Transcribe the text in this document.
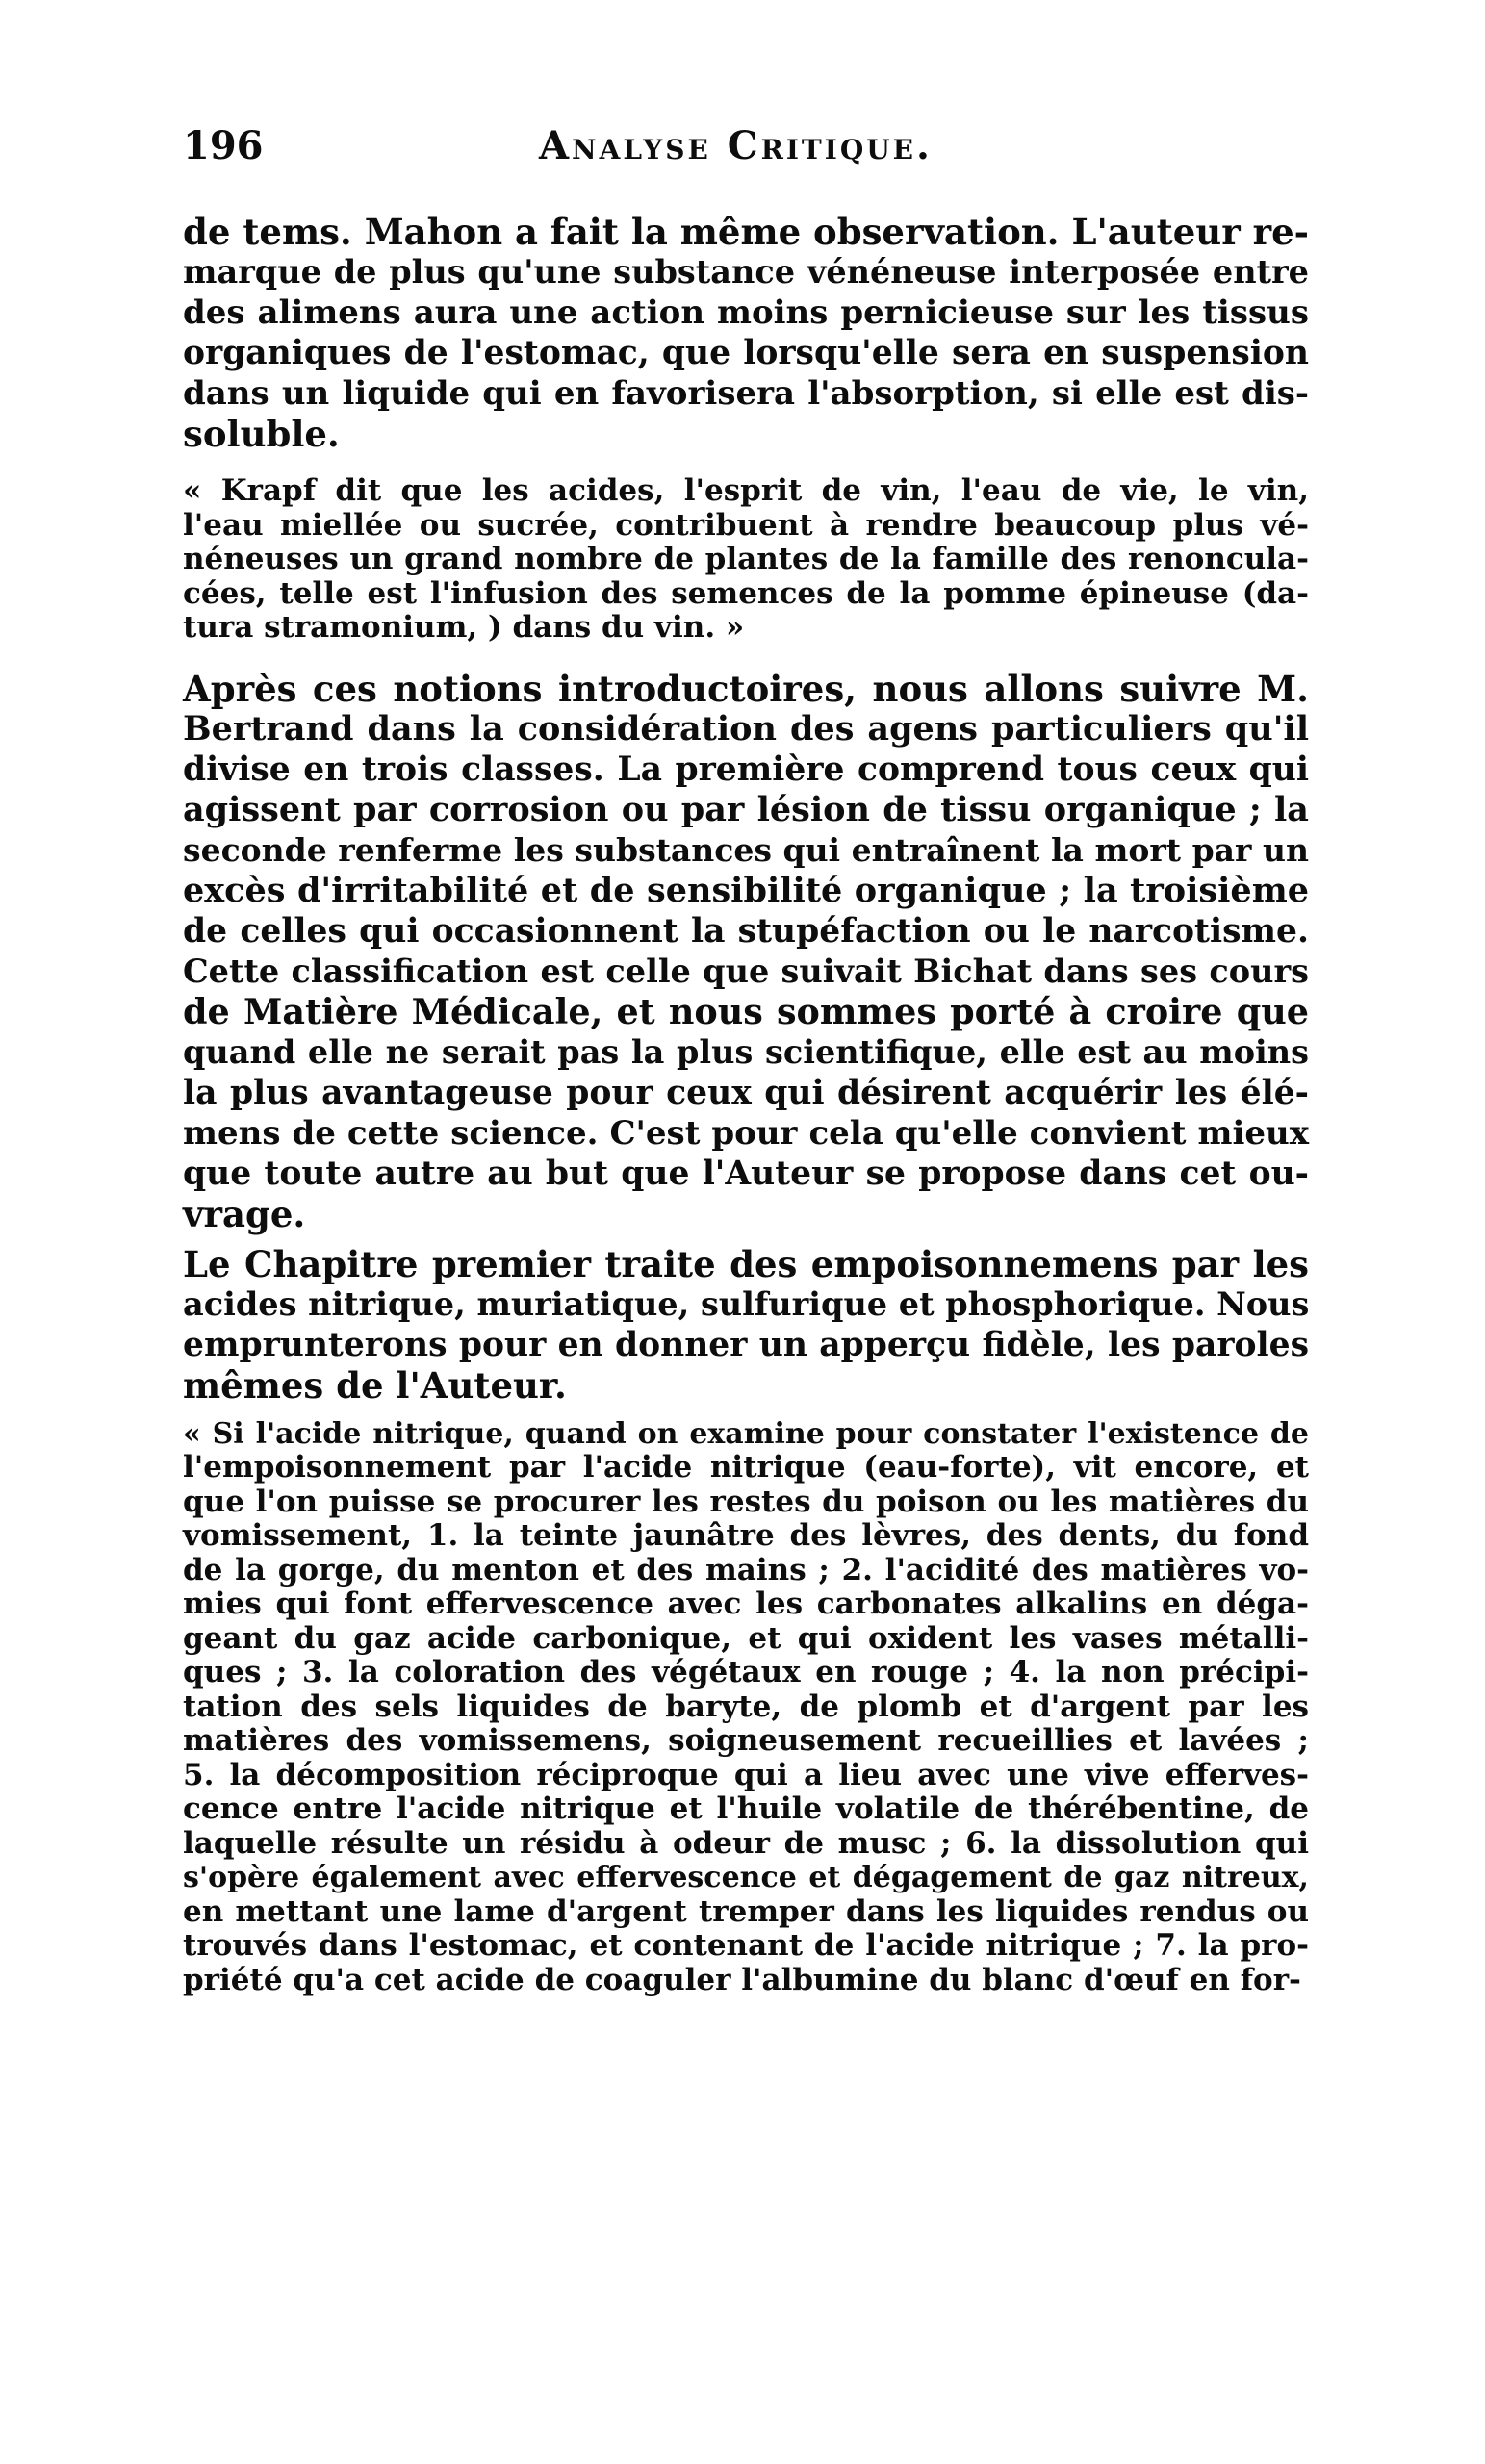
196	Analyse Critique.
de tems. Mahon a fait la même observation. L'auteur re-
marque de plus qu'une substance vénéneuse interposée entre
des alimens aura une action moins pernicieuse sur les tissus
organiques de l'estomac, que lorsqu'elle sera en suspension
dans un liquide qui en favorisera l'absorption, si elle est dis-
soluble.
« Krapf dit que les acides, l'esprit de vin, l'eau de vie, le vin,
l'eau miellée ou sucrée, contribuent à rendre beaucoup plus vé-
néneuses un grand nombre de plantes de la famille des renoncula-
cées, telle est l'infusion des semences de la pomme épineuse (da-
tura stramonium, ) dans du vin. »
Après ces notions introductoires, nous allons suivre M.
Bertrand dans la considération des agens particuliers qu'il
divise en trois classes. La première comprend tous ceux qui
agissent par corrosion ou par lésion de tissu organique ; la
seconde renferme les substances qui entraînent la mort par un
excès d'irritabilité et de sensibilité organique ; la troisième
de celles qui occasionnent la stupéfaction ou le narcotisme.
Cette classification est celle que suivait Bichat dans ses cours
de Matière Médicale, et nous sommes porté à croire que
quand elle ne serait pas la plus scientifique, elle est au moins
la plus avantageuse pour ceux qui désirent acquérir les élé-
mens de cette science. C'est pour cela qu'elle convient mieux
que toute autre au but que l'Auteur se propose dans cet ou-
vrage.
Le Chapitre premier traite des empoisonnemens par les
acides nitrique, muriatique, sulfurique et phosphorique. Nous
emprunterons pour en donner un apperçu fidèle, les paroles
mêmes de l'Auteur.
« Si l'acide nitrique, quand on examine pour constater l'existence de
l'empoisonnement par l'acide nitrique (eau-forte), vit encore, et
que l'on puisse se procurer les restes du poison ou les matières du
vomissement, 1. la teinte jaunâtre des lèvres, des dents, du fond
de la gorge, du menton et des mains ; 2. l'acidité des matières vo-
mies qui font effervescence avec les carbonates alkalins en déga-
geant du gaz acide carbonique, et qui oxident les vases métalli-
ques ; 3. la coloration des végétaux en rouge ; 4. la non précipi-
tation des sels liquides de baryte, de plomb et d'argent par les
matières des vomissemens, soigneusement recueillies et lavées ;
5. la décomposition réciproque qui a lieu avec une vive efferves-
cence entre l'acide nitrique et l'huile volatile de thérébentine, de
laquelle résulte un résidu à odeur de musc ; 6. la dissolution qui
s'opère également avec effervescence et dégagement de gaz nitreux,
en mettant une lame d'argent tremper dans les liquides rendus ou
trouvés dans l'estomac, et contenant de l'acide nitrique ; 7. la pro-
priété qu'a cet acide de coaguler l'albumine du blanc d'œuf en for-
